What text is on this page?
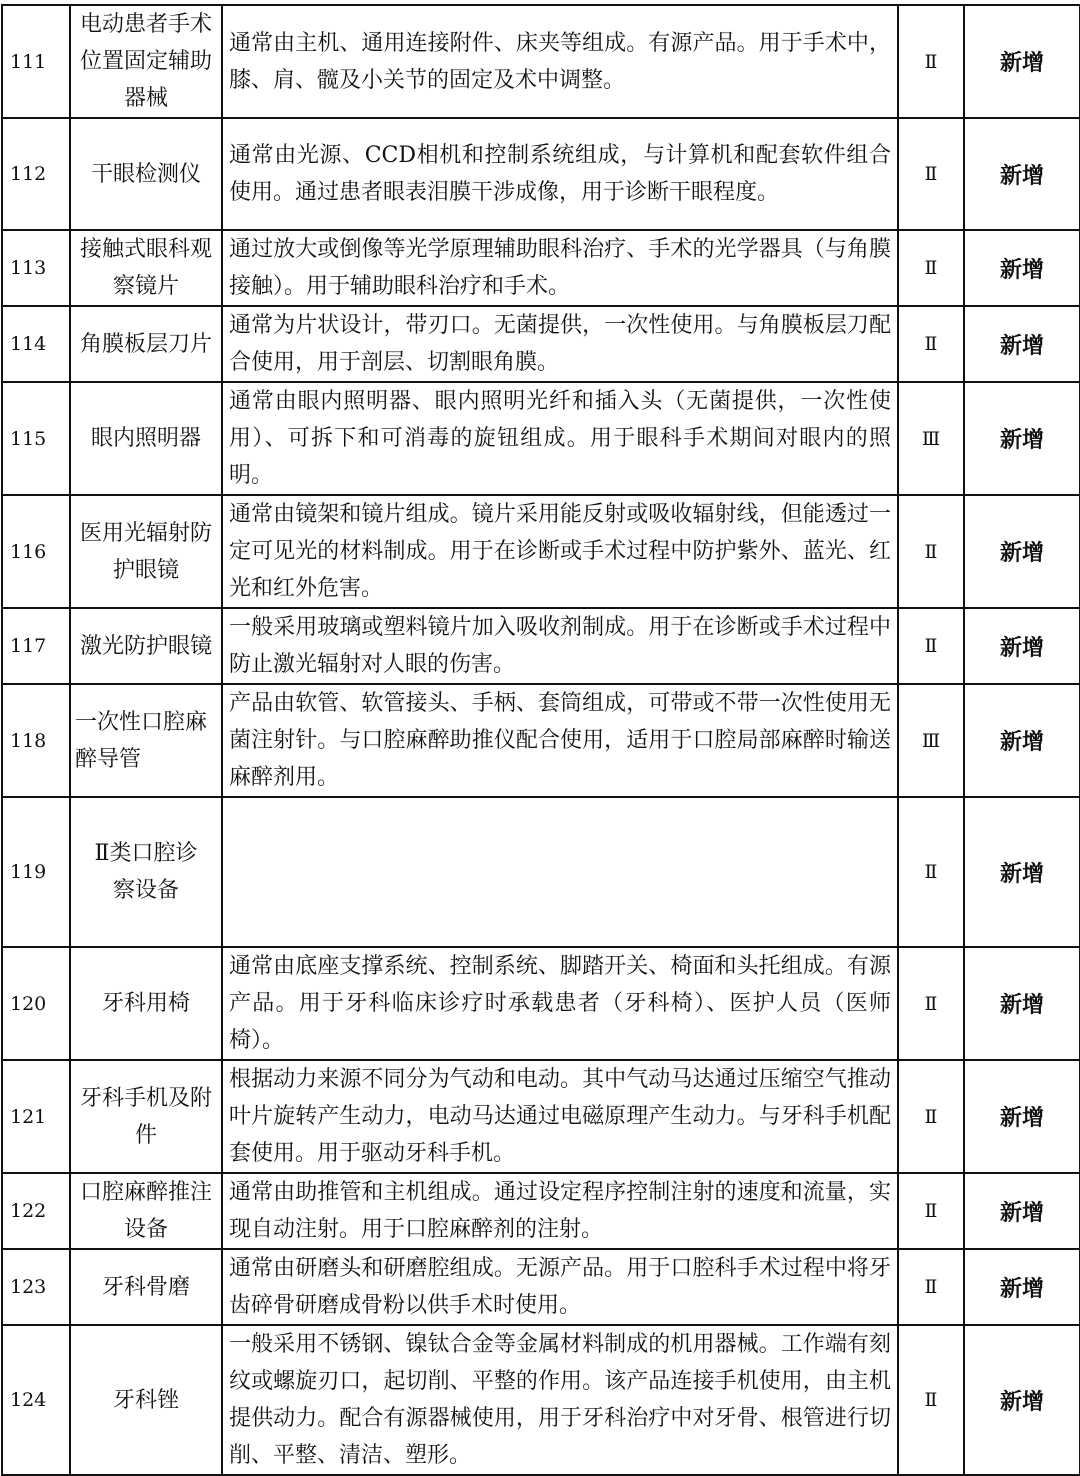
111	电动患者手术位置固定辅助器械	通常由主机、通用连接附件、床夹等组成。有源产品。用于手术中，膝、肩、髋及小关节的固定及术中调整。	Ⅱ	新增
112	干眼检测仪	通常由光源、CCD相机和控制系统组成，与计算机和配套软件组合使用。通过患者眼表泪膜干涉成像，用于诊断干眼程度。	Ⅱ	新增
113	接触式眼科观察镜片	通过放大或倒像等光学原理辅助眼科治疗、手术的光学器具（与角膜接触）。用于辅助眼科治疗和手术。	Ⅱ	新增
114	角膜板层刀片	通常为片状设计，带刃口。无菌提供，一次性使用。与角膜板层刀配合使用，用于剖层、切割眼角膜。	Ⅱ	新增
115	眼内照明器	通常由眼内照明器、眼内照明光纤和插入头（无菌提供，一次性使用）、可拆下和可消毒的旋钮组成。用于眼科手术期间对眼内的照明。	Ⅲ	新增
116	医用光辐射防护眼镜	通常由镜架和镜片组成。镜片采用能反射或吸收辐射线，但能透过一定可见光的材料制成。用于在诊断或手术过程中防护紫外、蓝光、红光和红外危害。	Ⅱ	新增
117	激光防护眼镜	一般采用玻璃或塑料镜片加入吸收剂制成。用于在诊断或手术过程中防止激光辐射对人眼的伤害。	Ⅱ	新增
118	一次性口腔麻醉导管	产品由软管、软管接头、手柄、套筒组成，可带或不带一次性使用无菌注射针。与口腔麻醉助推仪配合使用，适用于口腔局部麻醉时输送麻醉剂用。	Ⅲ	新增
119	Ⅱ类口腔诊察设备		Ⅱ	新增
120	牙科用椅	通常由底座支撑系统、控制系统、脚踏开关、椅面和头托组成。有源产品。用于牙科临床诊疗时承载患者（牙科椅）、医护人员（医师椅）。	Ⅱ	新增
121	牙科手机及附件	根据动力来源不同分为气动和电动。其中气动马达通过压缩空气推动叶片旋转产生动力，电动马达通过电磁原理产生动力。与牙科手机配套使用。用于驱动牙科手机。	Ⅱ	新增
122	口腔麻醉推注设备	通常由助推管和主机组成。通过设定程序控制注射的速度和流量，实现自动注射。用于口腔麻醉剂的注射。	Ⅱ	新增
123	牙科骨磨	通常由研磨头和研磨腔组成。无源产品。用于口腔科手术过程中将牙齿碎骨研磨成骨粉以供手术时使用。	Ⅱ	新增
124	牙科锉	一般采用不锈钢、镍钛合金等金属材料制成的机用器械。工作端有刻纹或螺旋刃口，起切削、平整的作用。该产品连接手机使用，由主机提供动力。配合有源器械使用，用于牙科治疗中对牙骨、根管进行切削、平整、清洁、塑形。	Ⅱ	新增
